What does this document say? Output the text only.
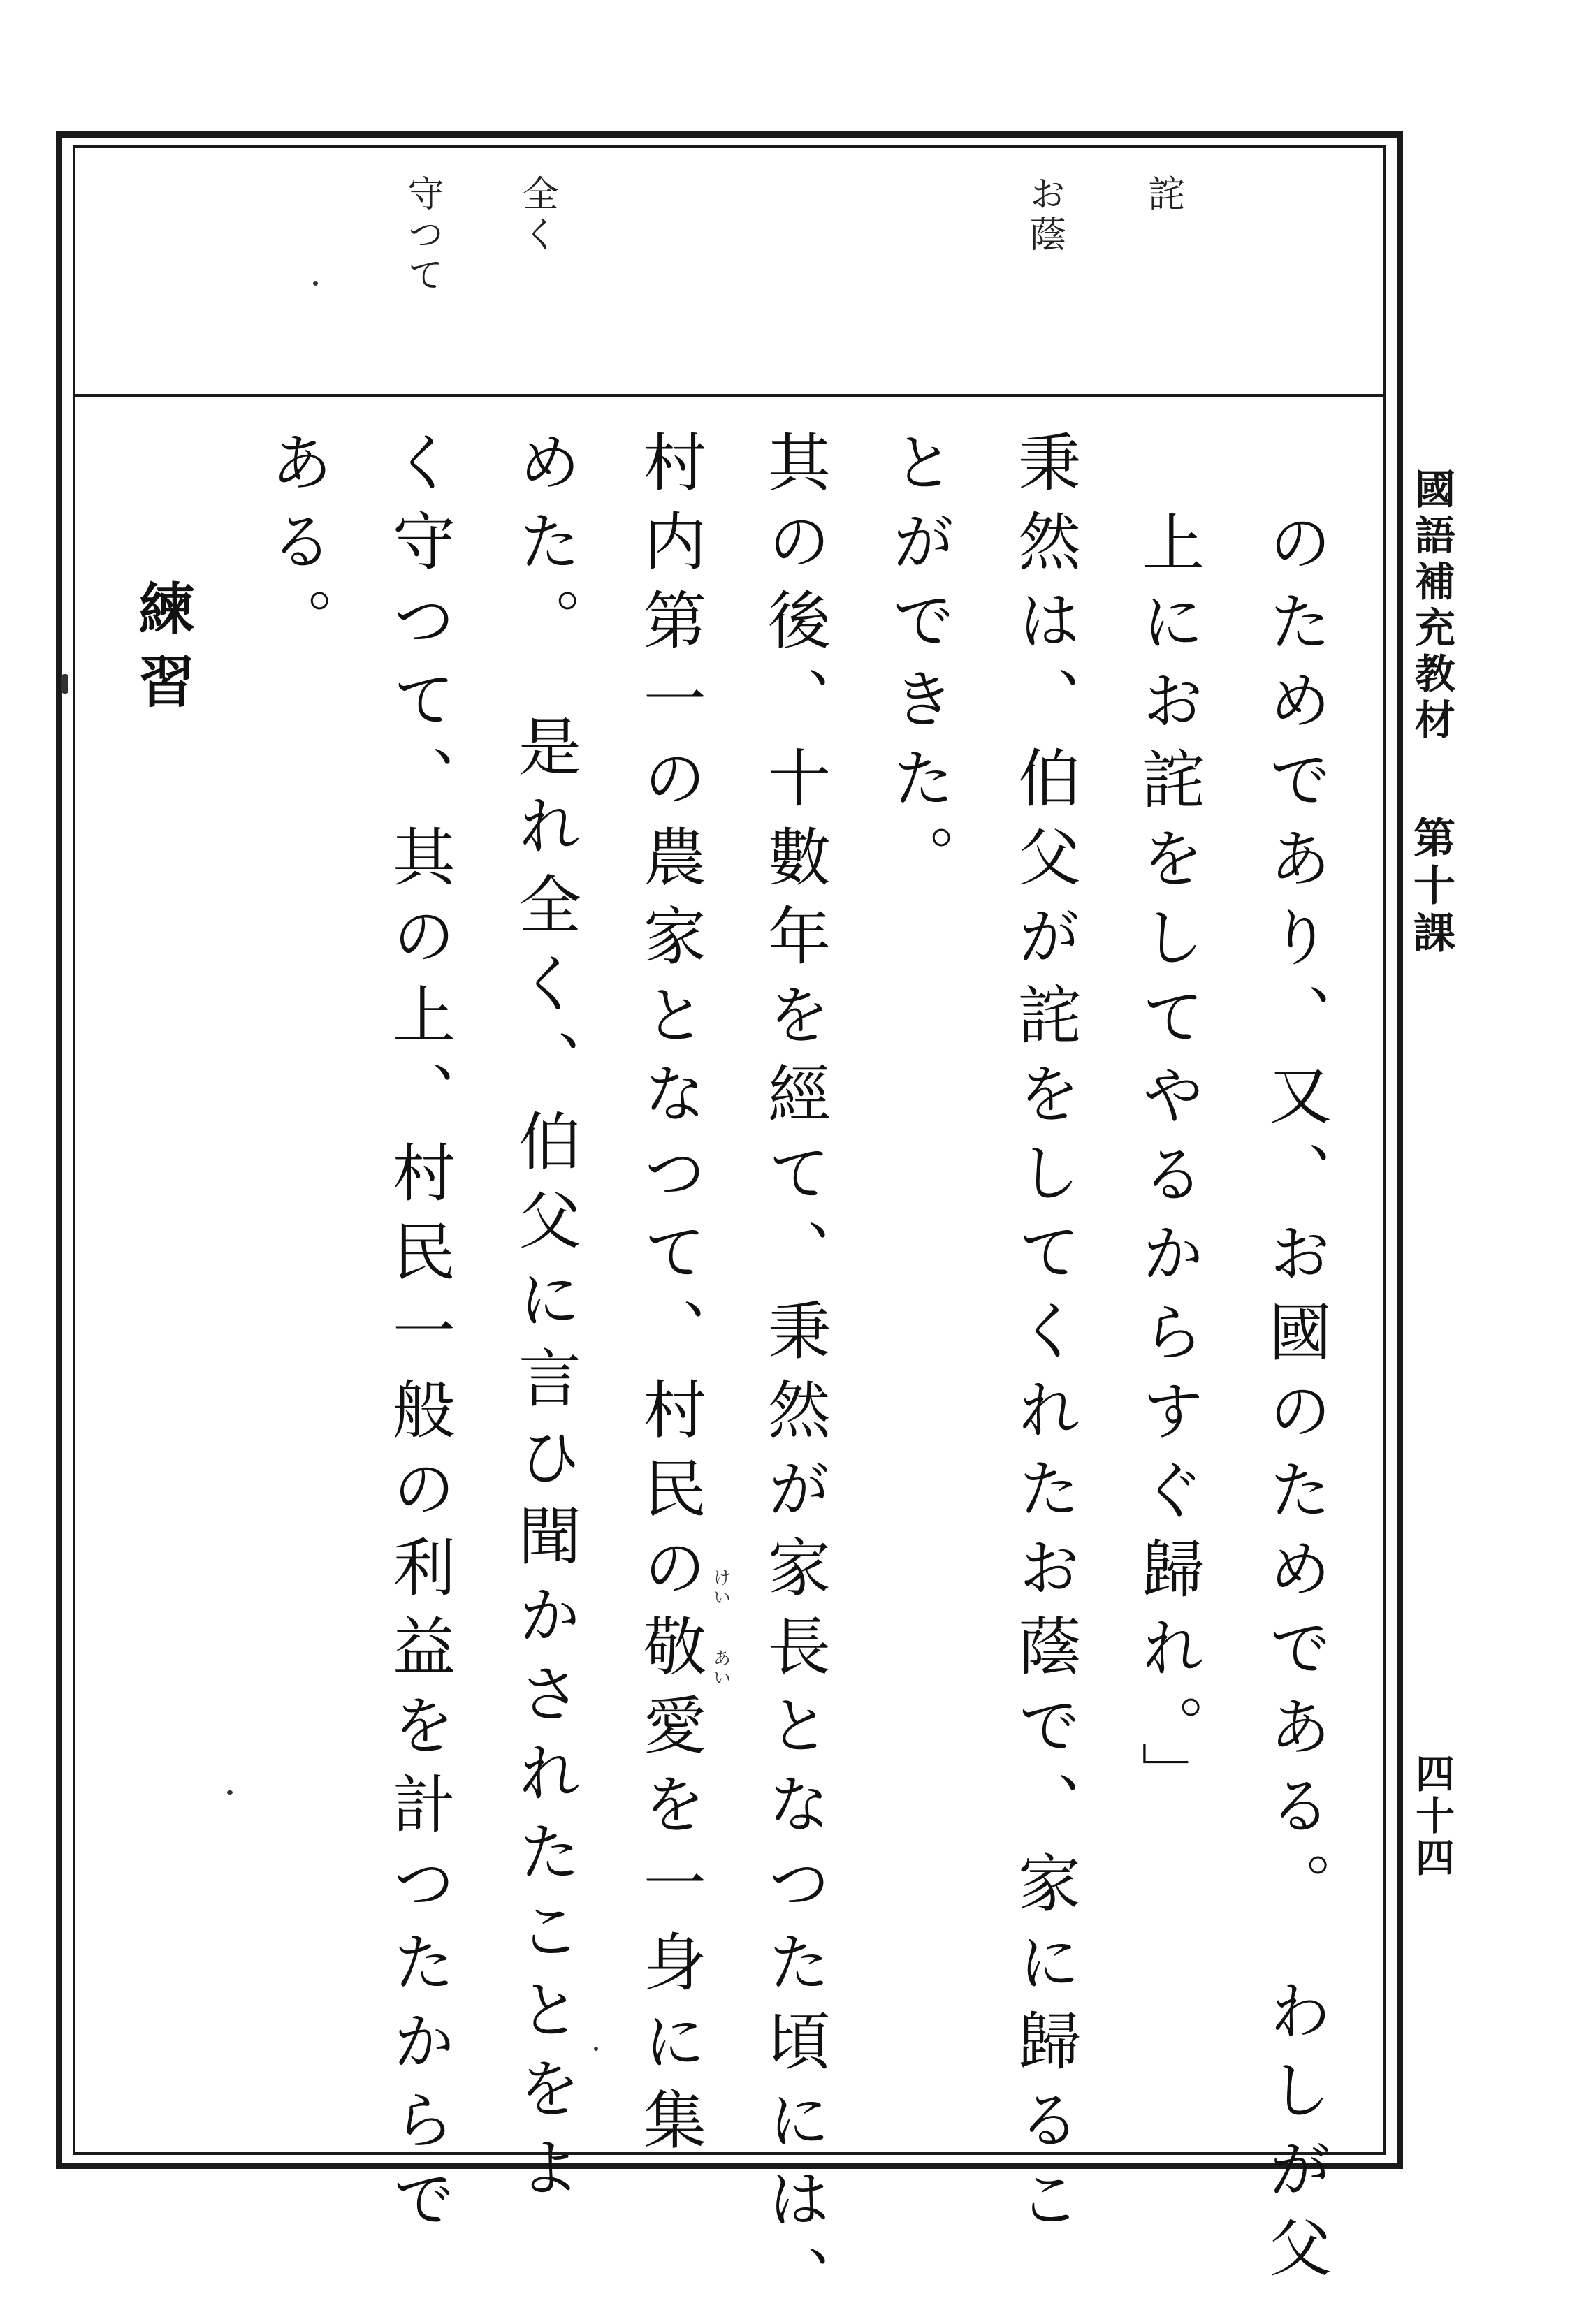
詫

お蔭

全く

守つて

のためであり、又、お國のためである。　わしが父

上にお詫をしてやるからすぐ歸れ。」

秉然は、伯父が詫をしてくれたお蔭で、家に歸るこ

とができた。

其の後、十數年を經て、秉然が家長となつた頃には、

村内第一の農家となつて、村民の敬愛を一身に集

めた。　是れ全く、伯父に言ひ聞かされたことをよ

く守つて、其の上、村民一般の利益を計つたからで

ある。

けい

あい

練習	國語補充教材

第十課

四十四
